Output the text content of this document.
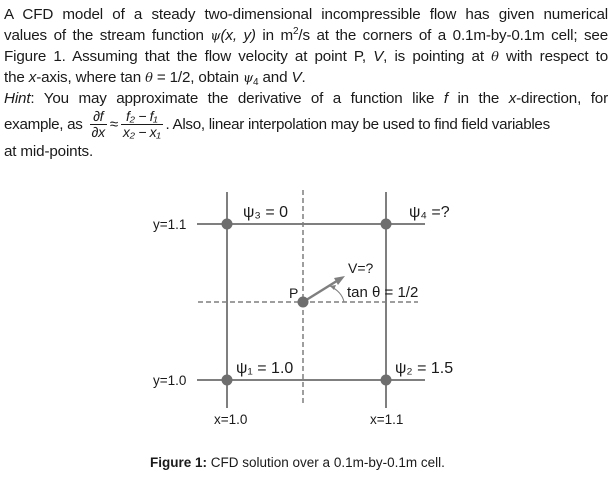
A CFD model of a steady two-dimensional incompressible flow has given numerical
values of the stream function ψ(x, y) in $m^2/s$ at the corners of a 0.1m-by-0.1m cell; see
Figure 1. Assuming that the flow velocity at point P, V, is pointing at θ with respect to
the x-axis, where tan θ = 1/2, obtain $\psi_4$ and V.
Hint: You may approximate the derivative of a function like f in the x-direction, for
example, as $\frac{\partial f}{\partial x} \approx \frac{\text{f₂ − f₁}}{\text{x₂ − x₁}}$ . Also, linear interpolation may be used to find field variables
at mid-points.
ψ₃ = 0	ψ₄ =?
ψ₁ = 1.0	ψ₂ = 1.5
y=1.1
y=1.0
x=1.0	x=1.1
P
V=?
tan θ = 1/2
Figure 1: CFD solution over a 0.1m-by-0.1m cell.
